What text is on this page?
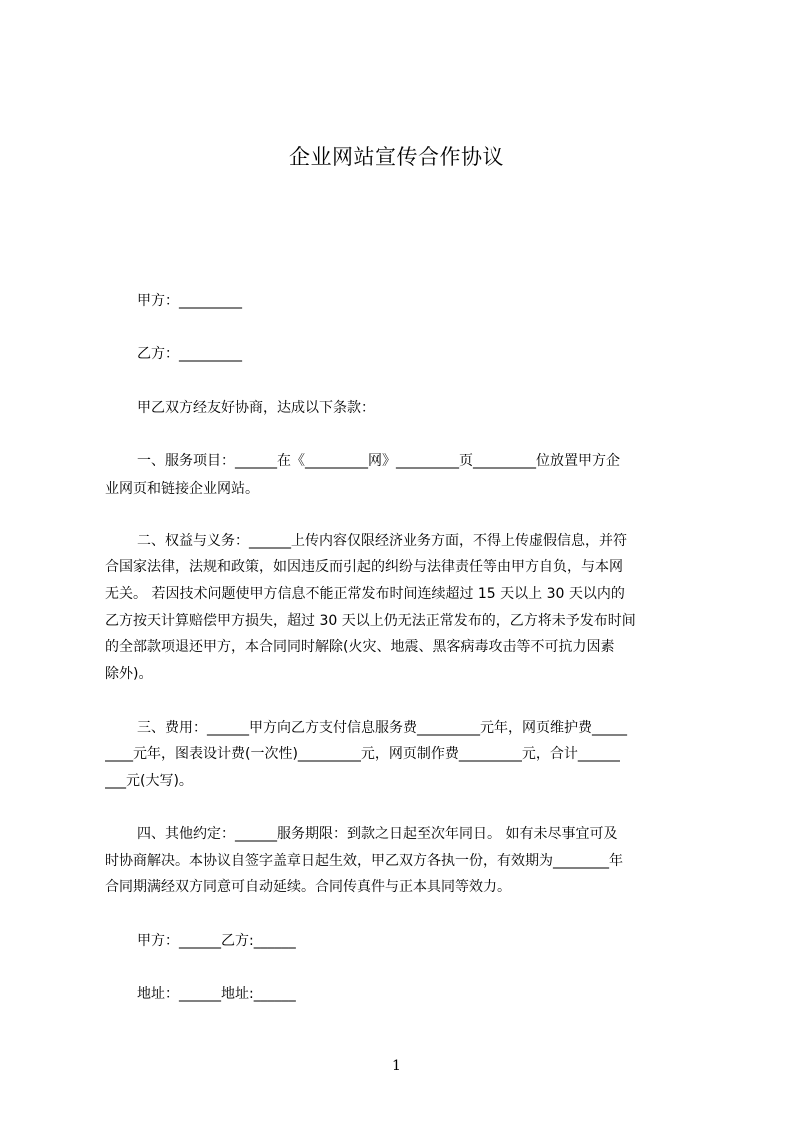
企业网站宣传合作协议
甲方：_________
乙方：_________
甲乙双方经友好协商，达成以下条款：
一、服务项目：______在《_________网》_________页_________位放置甲方企
业网页和链接企业网站。
二、权益与义务：______上传内容仅限经济业务方面，不得上传虚假信息，并符
合国家法律，法规和政策，如因违反而引起的纠纷与法律责任等由甲方自负，与本网
无关。 若因技术问题使甲方信息不能正常发布时间连续超过 15 天以上 30 天以内的
乙方按天计算赔偿甲方损失，超过 30 天以上仍无法正常发布的，乙方将未予发布时间
的全部款项退还甲方，本合同同时解除(火灾、地震、黑客病毒攻击等不可抗力因素
除外)。
三、费用：______甲方向乙方支付信息服务费_________元年，网页维护费_____
____元年，图表设计费(一次性)_________元，网页制作费_________元，合计______
___元(大写)。
四、其他约定：______服务期限：到款之日起至次年同日。 如有未尽事宜可及
时协商解决。本协议自签字盖章日起生效，甲乙双方各执一份，有效期为________年
合同期满经双方同意可自动延续。合同传真件与正本具同等效力。
甲方：______乙方:______
地址：______地址:______
1
